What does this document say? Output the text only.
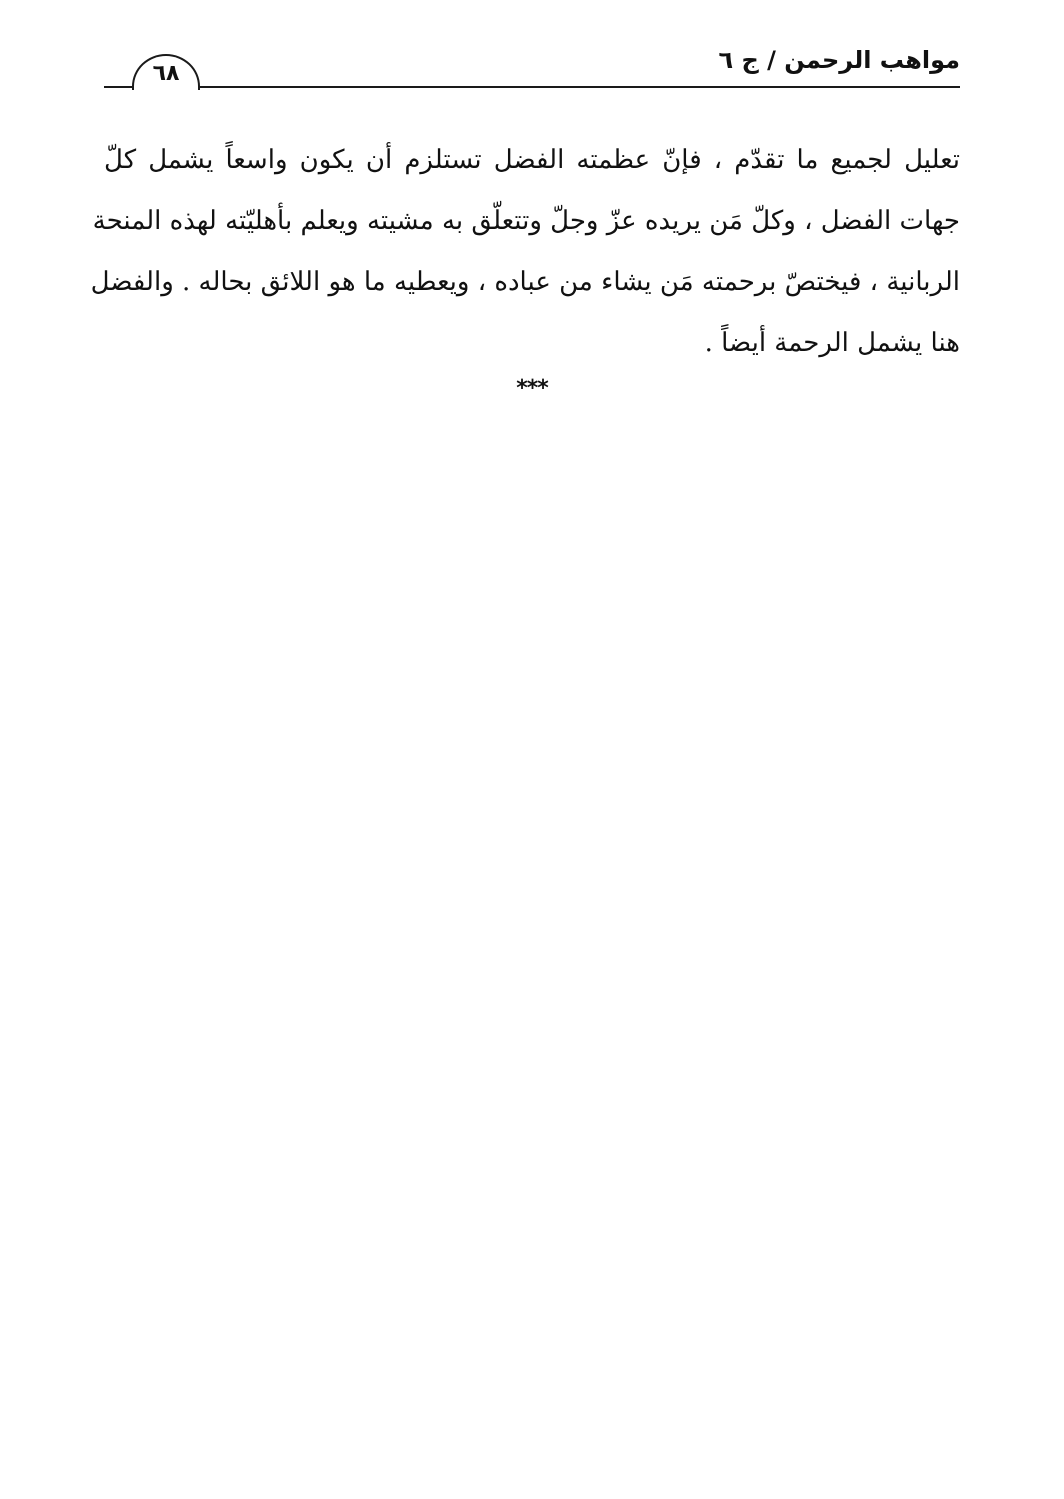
مواهب الرحمن / ج ٦
٦٨
تعليل لجميع ما تقدّم ، فإنّ عظمته الفضل تستلزم أن يكون واسعاً يشمل كلّ
جهات الفضل ، وكلّ مَن يريده عزّ وجلّ وتتعلّق به مشيته ويعلم بأهليّته لهذه المنحة
الربانية ، فيختصّ برحمته مَن يشاء من عباده ، ويعطيه ما هو اللائق بحاله . والفضل
هنا يشمل الرحمة أيضاً .
***
